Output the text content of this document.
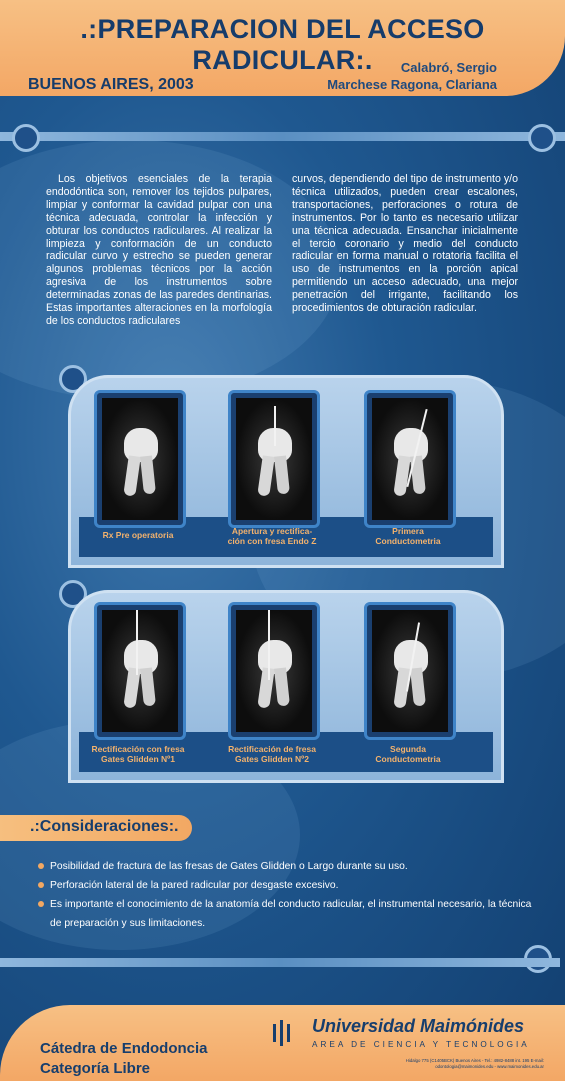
.:PREPARACION DEL ACCESO RADICULAR:.
BUENOS AIRES, 2003
Calabró, Sergio
Marchese Ragona, Clariana
Los objetivos esenciales de la terapia endodóntica son, remover los tejidos pulpares, limpiar y conformar la cavidad pulpar con una técnica adecuada, controlar la infección y obturar los conductos radiculares. Al realizar la limpieza y conformación de un conducto radicular curvo y estrecho se pueden generar algunos problemas técnicos por la acción agresiva de los instrumentos sobre determinadas zonas de las paredes dentinarias. Estas importantes alteraciones en la morfología de los conductos radiculares
curvos, dependiendo del tipo de instrumento y/o técnica utilizados, pueden crear escalones, transportaciones, perforaciones o rotura de instrumentos. Por lo tanto es necesario utilizar una técnica adecuada. Ensanchar inicialmente el tercio coronario y medio del conducto radicular en forma manual o rotatoria facilita el uso de instrumentos en la porción apical permitiendo un acceso adecuado, una mejor penetración del irrigante, facilitando los procedimientos de obturación radicular.
Rx Pre operatoria	Apertura y rectifica-
ción con fresa Endo Z
Primera
Conductometria
Rectificación con fresa
Gates Glidden Nº1
Rectificación de fresa
Gates Glidden Nº2
Segunda
Conductometria
.:Consideraciones:.
Posibilidad de fractura de las fresas de Gates Glidden o Largo durante su uso.
Perforación lateral de la pared radicular por desgaste excesivo.
Es importante el conocimiento de la anatomía del conducto radicular, el instrumental necesario, la técnica de preparación y sus limitaciones.
Cátedra de Endodoncia
Categoría Libre
Universidad Maimónides
AREA DE CIENCIA Y TECNOLOGIA
Hidalgo 775 (C1405BCK) Buenos Aires - Tel.: 4982-8488 int. 195 E-mail: odontologia@maimonides.edu - www.maimonides.edu.ar
